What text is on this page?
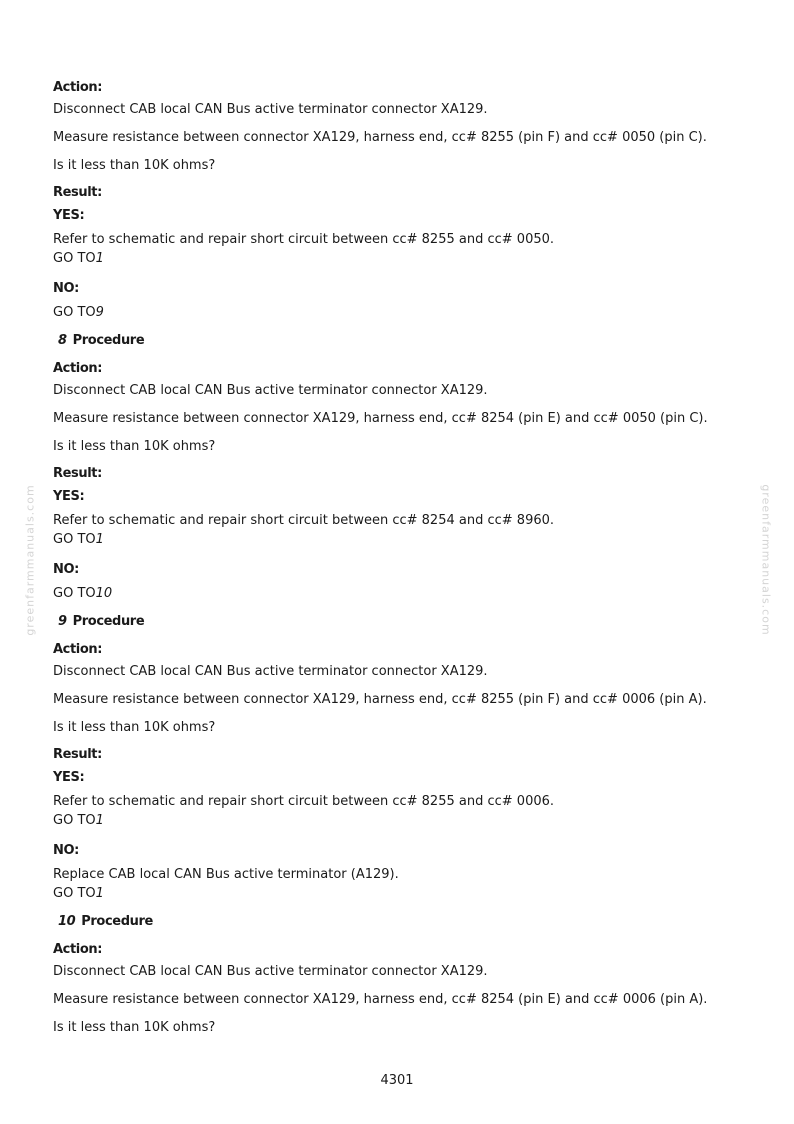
greenfarmmanuals.com	greenfarmmanuals.com
Action:

Disconnect CAB local CAN Bus active terminator connector XA129.

Measure resistance between connector XA129, harness end, cc# 8255 (pin F) and cc# 0050 (pin C).

Is it less than 10K ohms?

Result:
YES:

Refer to schematic and repair short circuit between cc# 8255 and cc# 0050.

GO TO1

NO:

GO TO9

8 Procedure
Action:

Disconnect CAB local CAN Bus active terminator connector XA129.

Measure resistance between connector XA129, harness end, cc# 8254 (pin E) and cc# 0050 (pin C).

Is it less than 10K ohms?

Result:
YES:

Refer to schematic and repair short circuit between cc# 8254 and cc# 8960.

GO TO1

NO:

GO TO10

9 Procedure
Action:

Disconnect CAB local CAN Bus active terminator connector XA129.

Measure resistance between connector XA129, harness end, cc# 8255 (pin F) and cc# 0006 (pin A).

Is it less than 10K ohms?

Result:
YES:

Refer to schematic and repair short circuit between cc# 8255 and cc# 0006.

GO TO1

NO:

Replace CAB local CAN Bus active terminator (A129).

GO TO1

10 Procedure
Action:

Disconnect CAB local CAN Bus active terminator connector XA129.

Measure resistance between connector XA129, harness end, cc# 8254 (pin E) and cc# 0006 (pin A).

Is it less than 10K ohms?

4301
